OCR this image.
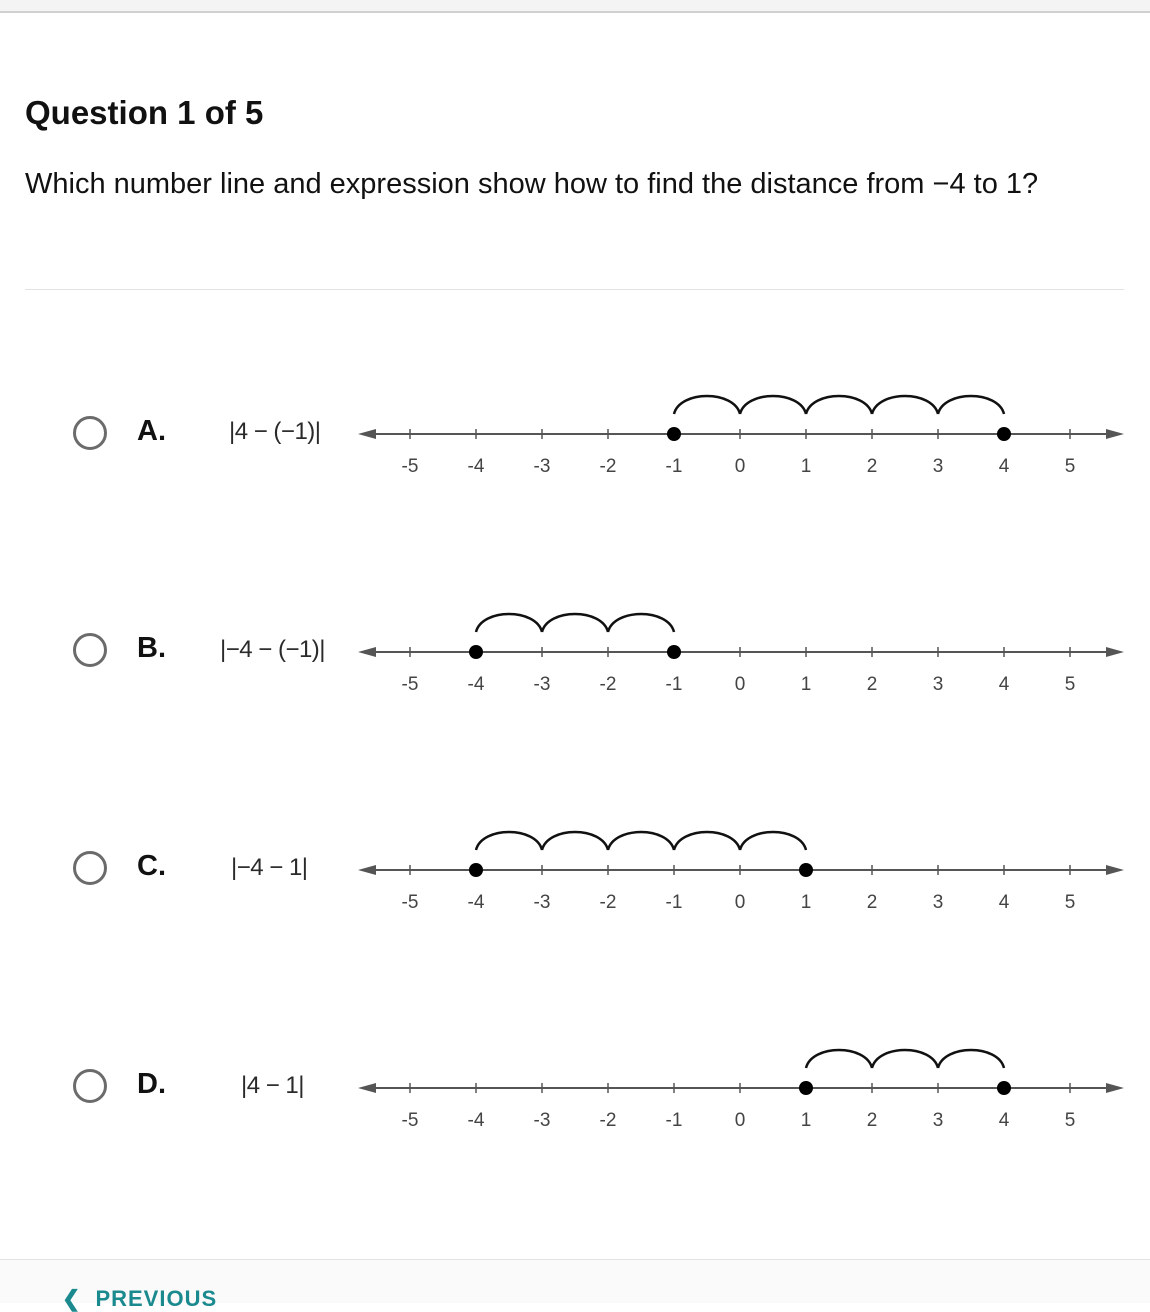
Question 1 of 5

Which number line and expression show how to find the distance from −4 to 1?

A.	|4 − (−1)|
-5	-4	-3	-2	-1	0	1	2	3	4	5
B. |−4 − (−1)|
-5	-4	-3	-2	-1	0	1	2	3	4	5
C.	|−4 − 1|
-5	-4	-3	-2	-1	0	1	2	3	4	5
D.	|4 − 1|
-5	-4	-3	-2	-1	0	1	2	3	4	5
❮ PREVIOUS
